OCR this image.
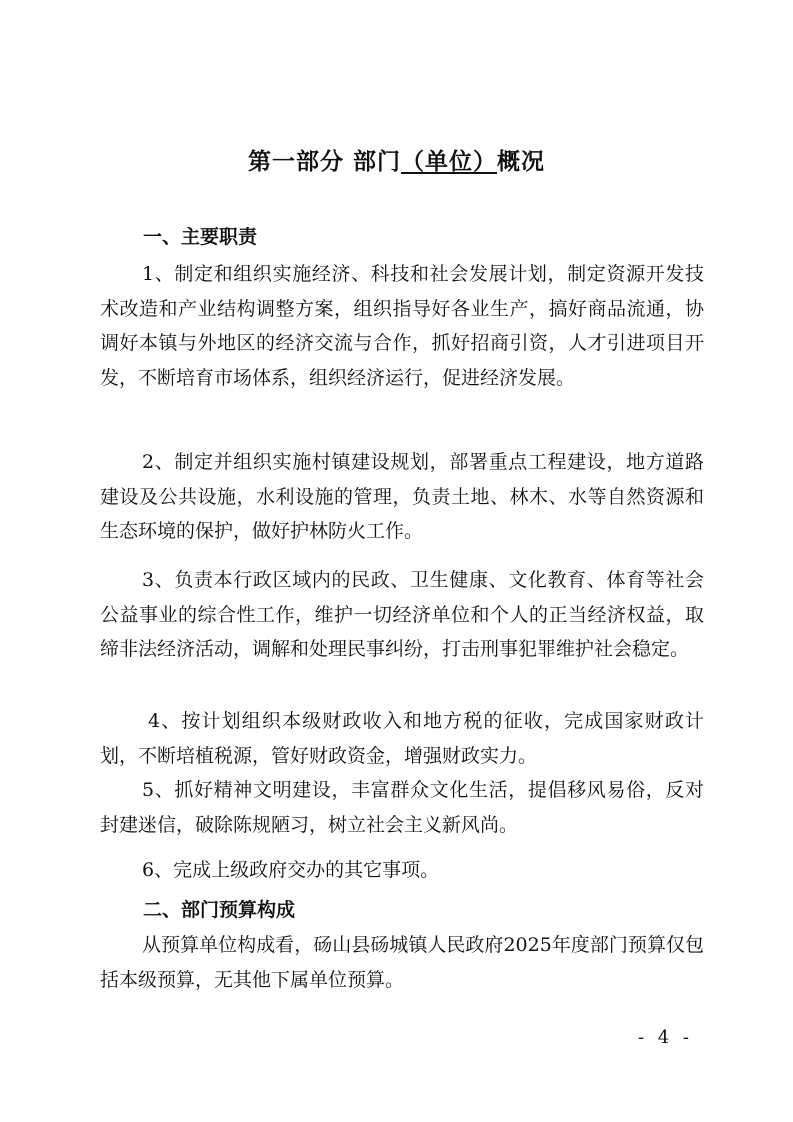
第一部分 部门（单位）概况
一、主要职责

1、制定和组织实施经济、科技和社会发展计划，制定资源开发技术改造和产业结构调整方案，组织指导好各业生产，搞好商品流通，协调好本镇与外地区的经济交流与合作，抓好招商引资，人才引进项目开发，不断培育市场体系，组织经济运行，促进经济发展。

2、制定并组织实施村镇建设规划，部署重点工程建设，地方道路建设及公共设施，水利设施的管理，负责土地、林木、水等自然资源和生态环境的保护，做好护林防火工作。

3、负责本行政区域内的民政、卫生健康、文化教育、体育等社会公益事业的综合性工作，维护一切经济单位和个人的正当经济权益，取缔非法经济活动，调解和处理民事纠纷，打击刑事犯罪维护社会稳定。

4、按计划组织本级财政收入和地方税的征收，完成国家财政计划，不断培植税源，管好财政资金，增强财政实力。

5、抓好精神文明建设，丰富群众文化生活，提倡移风易俗，反对封建迷信，破除陈规陋习，树立社会主义新风尚。

6、完成上级政府交办的其它事项。

二、部门预算构成

从预算单位构成看，砀山县砀城镇人民政府2025年度部门预算仅包括本级预算，无其他下属单位预算。

- 4 -
